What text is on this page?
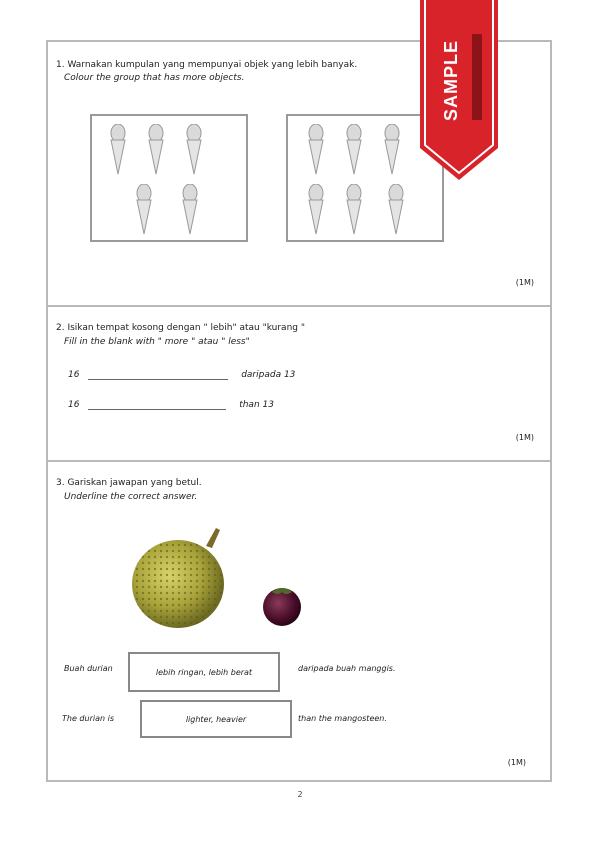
1. Warnakan kumpulan yang mempunyai objek yang lebih banyak.
Colour the group that has more objects.
(1M)
2. Isikan tempat kosong dengan " lebih" atau "kurang "
Fill in the blank with " more " atau " less"
16	daripada 13
16	than 13
(1M)
3. Gariskan jawapan yang betul.
Underline the correct answer.
Buah durian	lebih ringan, lebih berat	daripada buah manggis.
The durian is	lighter, heavier	than the mangosteen.
(1M)
2
SAMPLE
